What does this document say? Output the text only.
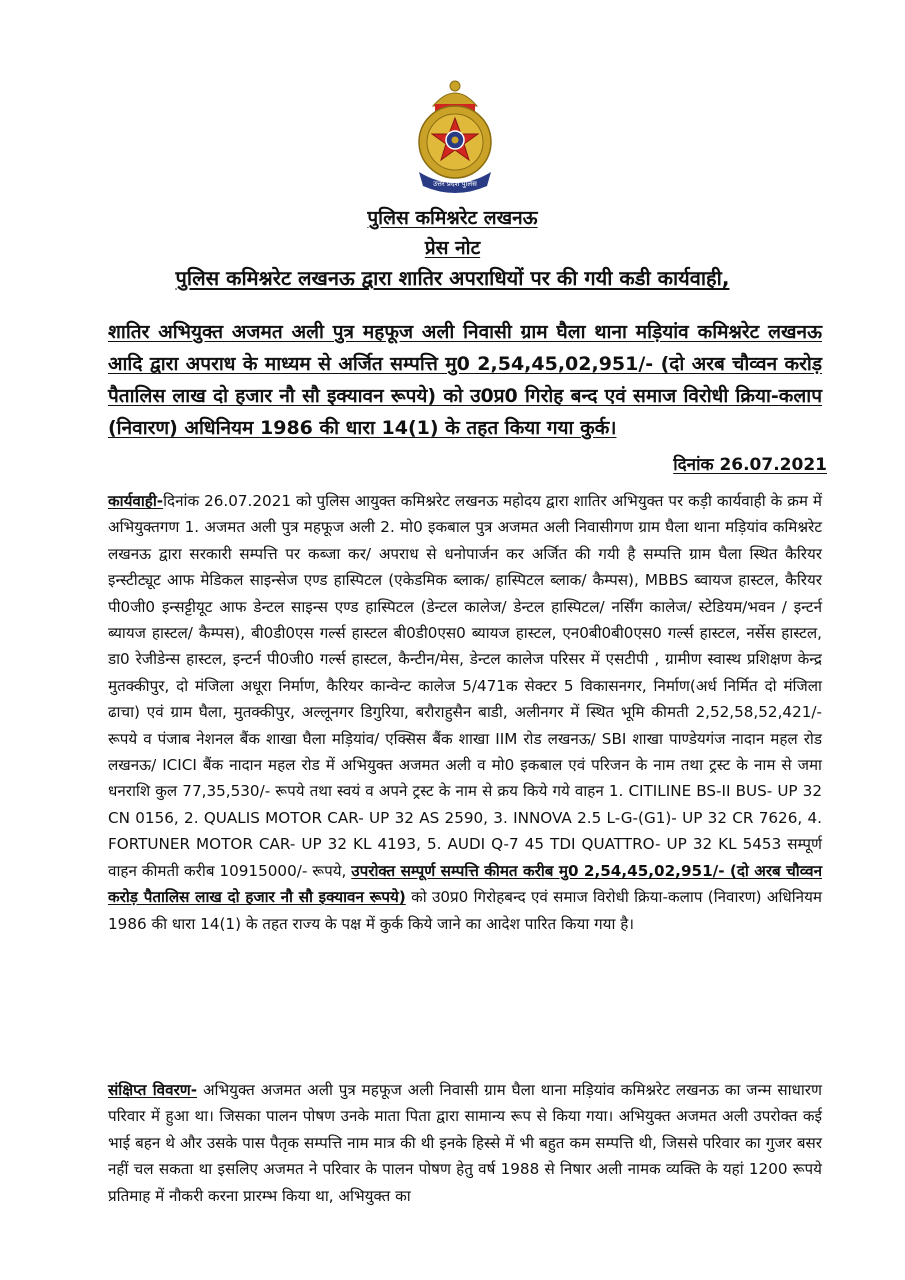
उत्तर प्रदेश पुलिस
पुलिस कमिश्नरेट लखनऊ
प्रेस नोट
पुलिस कमिश्नरेट लखनऊ द्वारा शातिर अपराधियों पर की गयी कडी कार्यवाही,
शातिर अभियुक्त अजमत अली पुत्र महफूज अली निवासी ग्राम घैला थाना मड़ियांव कमिश्नरेट लखनऊ आदि द्वारा अपराध के माध्यम से अर्जित सम्पत्ति मु0 2,54,45,02,951/- (दो अरब चौव्वन करोड़ पैतालिस लाख दो हजार नौ सौ इक्यावन रूपये) को उ0प्र0 गिरोह बन्द एवं समाज विरोधी क्रिया-कलाप (निवारण) अधिनियम 1986 की धारा 14(1) के तहत किया गया कुर्क।
दिनांक 26.07.2021
कार्यवाही-दिनांक 26.07.2021 को पुलिस आयुक्त कमिश्नरेट लखनऊ महोदय द्वारा शातिर अभियुक्त पर कड़ी कार्यवाही के क्रम में अभियुक्तगण 1. अजमत अली पुत्र महफूज अली 2. मो0 इकबाल पुत्र अजमत अली निवासीगण ग्राम घैला थाना मड़ियांव कमिश्नरेट लखनऊ द्वारा सरकारी सम्पत्ति पर कब्जा कर/ अपराध से धनोपार्जन कर अर्जित की गयी है सम्पत्ति ग्राम घैला स्थित कैरियर इन्स्टीट्यूट आफ मेडिकल साइन्सेज एण्ड हास्पिटल (एकेडमिक ब्लाक/ हास्पिटल ब्लाक/ कैम्पस), MBBS ब्वायज हास्टल, कैरियर पी0जी0 इन्सट्टीयूट आफ डेन्टल साइन्स एण्ड हास्पिटल (डेन्टल कालेज/ डेन्टल हास्पिटल/ नर्सिंग कालेज/ स्टेडियम/भवन / इन्टर्न ब्यायज हास्टल/ कैम्पस), बी0डी0एस गर्ल्स हास्टल बी0डी0एस0 ब्यायज हास्टल, एन0बी0बी0एस0 गर्ल्स हास्टल, नर्सेस हास्टल, डा0 रेजीडेन्स हास्टल, इन्टर्न पी0जी0 गर्ल्स हास्टल, कैन्टीन/मेस, डेन्टल कालेज परिसर में एसटीपी , ग्रामीण स्वास्थ प्रशिक्षण केन्द्र मुतक्कीपुर, दो मंजिला अधूरा निर्माण, कैरियर कान्वेन्ट कालेज 5/471क सेक्टर 5 विकासनगर, निर्माण(अर्ध निर्मित दो मंजिला ढाचा) एवं ग्राम घैला, मुतक्कीपुर, अल्लूनगर डिगुरिया, बरौराहुसैन बाडी, अलीनगर में स्थित भूमि कीमती 2,52,58,52,421/- रूपये व पंजाब नेशनल बैंक शाखा घैला मड़ियांव/ एक्सिस बैंक शाखा IIM रोड लखनऊ/ SBI शाखा पाण्डेयगंज नादान महल रोड लखनऊ/ ICICI बैंक नादान महल रोड में अभियुक्त अजमत अली व मो0 इकबाल एवं परिजन के नाम तथा ट्रस्ट के नाम से जमा धनराशि कुल 77,35,530/- रूपये तथा स्वयं व अपने ट्रस्ट के नाम से क्रय किये गये वाहन 1. CITILINE BS-II BUS- UP 32 CN 0156, 2. QUALIS MOTOR CAR- UP 32 AS 2590, 3. INNOVA 2.5 L-G-(G1)- UP 32 CR 7626, 4. FORTUNER MOTOR CAR- UP 32 KL 4193, 5. AUDI Q-7 45 TDI QUATTRO- UP 32 KL 5453 सम्पूर्ण वाहन कीमती करीब 10915000/- रूपये, उपरोक्त सम्पूर्ण सम्पत्ति कीमत करीब मु0 2,54,45,02,951/- (दो अरब चौव्वन करोड़ पैतालिस लाख दो हजार नौ सौ इक्यावन रूपये) को उ0प्र0 गिरोहबन्द एवं समाज विरोधी क्रिया-कलाप (निवारण) अधिनियम 1986 की धारा 14(1) के तहत राज्य के पक्ष में कुर्क किये जाने का आदेश पारित किया गया है।
संक्षिप्त विवरण- अभियुक्त अजमत अली पुत्र महफूज अली निवासी ग्राम घैला थाना मड़ियांव कमिश्नरेट लखनऊ का जन्म साधारण परिवार में हुआ था। जिसका पालन पोषण उनके माता पिता द्वारा सामान्य रूप से किया गया। अभियुक्त अजमत अली उपरोक्त कई भाई बहन थे और उसके पास पैतृक सम्पत्ति नाम मात्र की थी इनके हिस्से में भी बहुत कम सम्पत्ति थी, जिससे परिवार का गुजर बसर नहीं चल सकता था इसलिए अजमत ने परिवार के पालन पोषण हेतु वर्ष 1988 से निषार अली नामक व्यक्ति के यहां 1200 रूपये प्रतिमाह में नौकरी करना प्रारम्भ किया था, अभियुक्त का
